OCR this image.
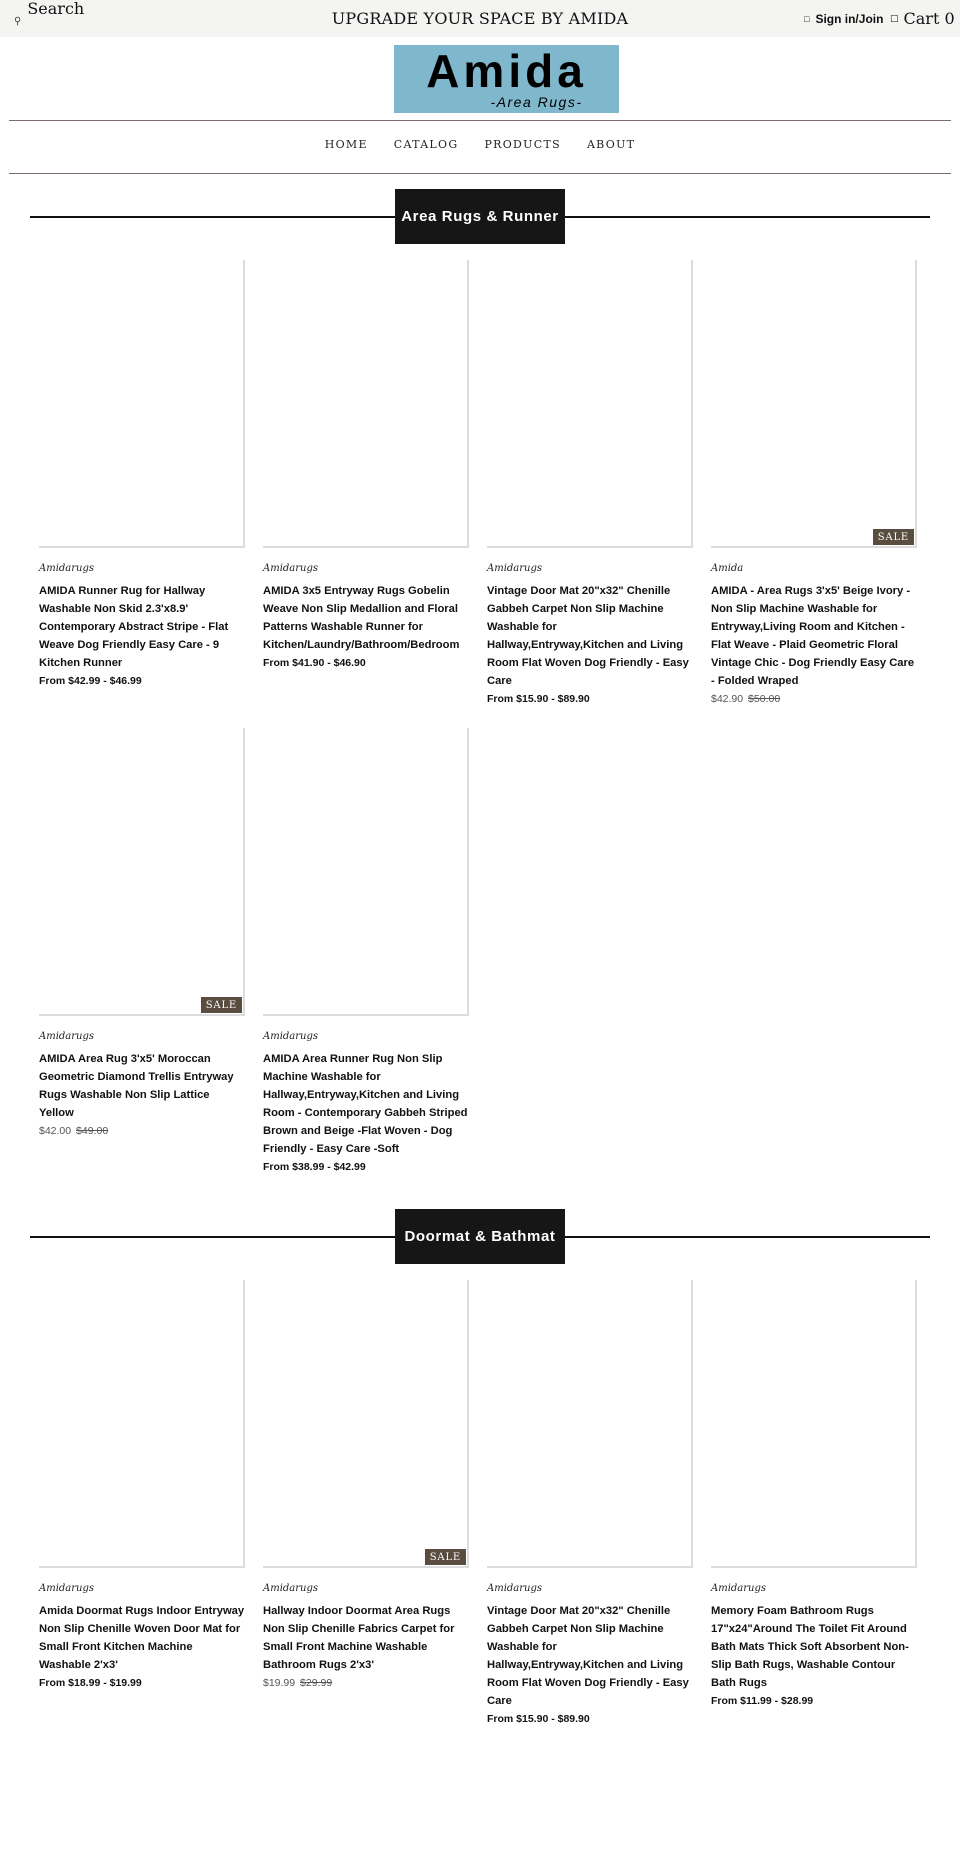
⚲
Search
UPGRADE YOUR SPACE BY AMIDA	□ Sign in/Join □ Cart
0
Amida
-Area Rugs-
HOME CATALOG PRODUCTS ABOUT
Area Rugs & Runner
Amidarugs
AMIDA Runner Rug for Hallway Washable Non Skid 2.3'x8.9' Contemporary Abstract Stripe - Flat Weave Dog Friendly Easy Care - 9 Kitchen Runner
From $42.99 - $46.99
Amidarugs
AMIDA 3x5 Entryway Rugs Gobelin Weave Non Slip Medallion and Floral Patterns Washable Runner for Kitchen/Laundry/Bathroom/Bedroom
From $41.90 - $46.90
Amidarugs
Vintage Door Mat 20"x32" Chenille Gabbeh Carpet Non Slip Machine Washable for Hallway,Entryway,Kitchen and Living Room Flat Woven Dog Friendly - Easy Care
From $15.90 - $89.90
SALE
Amida
AMIDA - Area Rugs 3'x5' Beige Ivory - Non Slip Machine Washable for Entryway,Living Room and Kitchen - Flat Weave - Plaid Geometric Floral Vintage Chic - Dog Friendly Easy Care - Folded Wraped
$42.90 $50.00
SALE
Amidarugs
AMIDA Area Rug 3'x5' Moroccan Geometric Diamond Trellis Entryway Rugs Washable Non Slip Lattice Yellow
$42.00 $49.00
Amidarugs
AMIDA Area Runner Rug Non Slip Machine Washable for Hallway,Entryway,Kitchen and Living Room - Contemporary Gabbeh Striped Brown and Beige -Flat Woven - Dog Friendly - Easy Care -Soft
From $38.99 - $42.99
Doormat & Bathmat
Amidarugs
Amida Doormat Rugs Indoor Entryway Non Slip Chenille Woven Door Mat for Small Front Kitchen Machine Washable 2'x3'
From $18.99 - $19.99
SALE
Amidarugs
Hallway Indoor Doormat Area Rugs Non Slip Chenille Fabrics Carpet for Small Front Machine Washable Bathroom Rugs 2'x3'
$19.99 $29.99
Amidarugs
Vintage Door Mat 20"x32" Chenille Gabbeh Carpet Non Slip Machine Washable for Hallway,Entryway,Kitchen and Living Room Flat Woven Dog Friendly - Easy Care
From $15.90 - $89.90
Amidarugs
Memory Foam Bathroom Rugs 17"x24"Around The Toilet Fit Around Bath Mats Thick Soft Absorbent Non-Slip Bath Rugs, Washable Contour Bath Rugs
From $11.99 - $28.99
